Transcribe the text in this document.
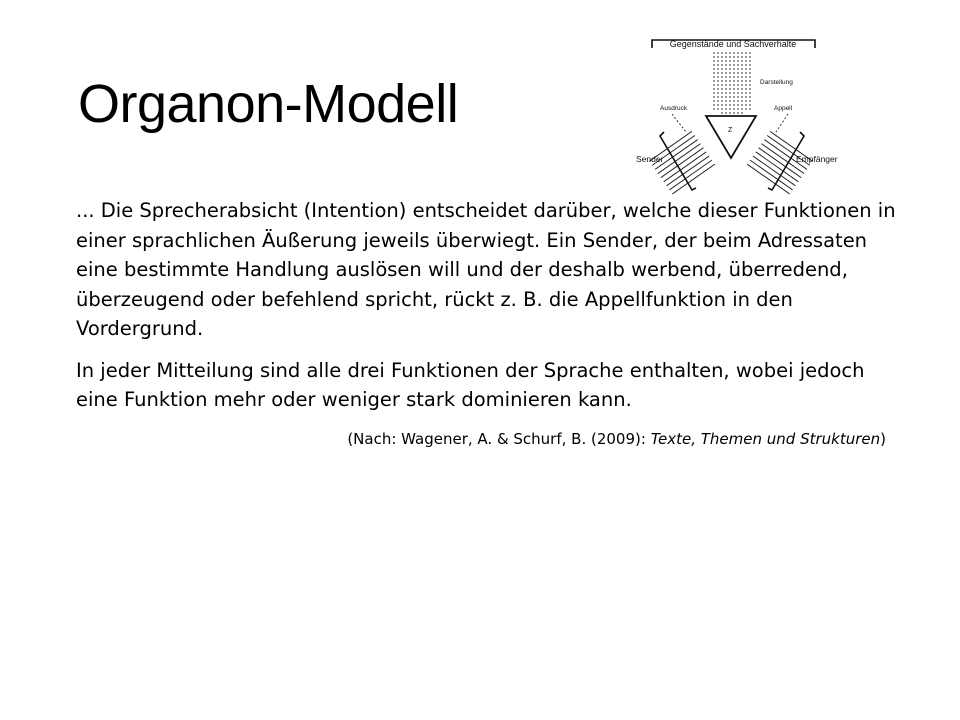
Organon-Modell
Gegenstände und Sachverhalte
Darstellung
Z
Ausdruck	Appell
Sender	Empfänger

... Die Sprecherabsicht (Intention) entscheidet darüber, welche dieser Funktionen in einer sprachlichen Äußerung jeweils überwiegt. Ein Sender, der beim Adressaten eine bestimmte Handlung auslösen will und der deshalb werbend, überredend, überzeugend oder befehlend spricht, rückt z. B. die Appellfunktion in den Vordergrund.

In jeder Mitteilung sind alle drei Funktionen der Sprache enthalten, wobei jedoch eine Funktion mehr oder weniger stark dominieren kann.

(Nach: Wagener, A. & Schurf, B. (2009): Texte, Themen und Strukturen)
